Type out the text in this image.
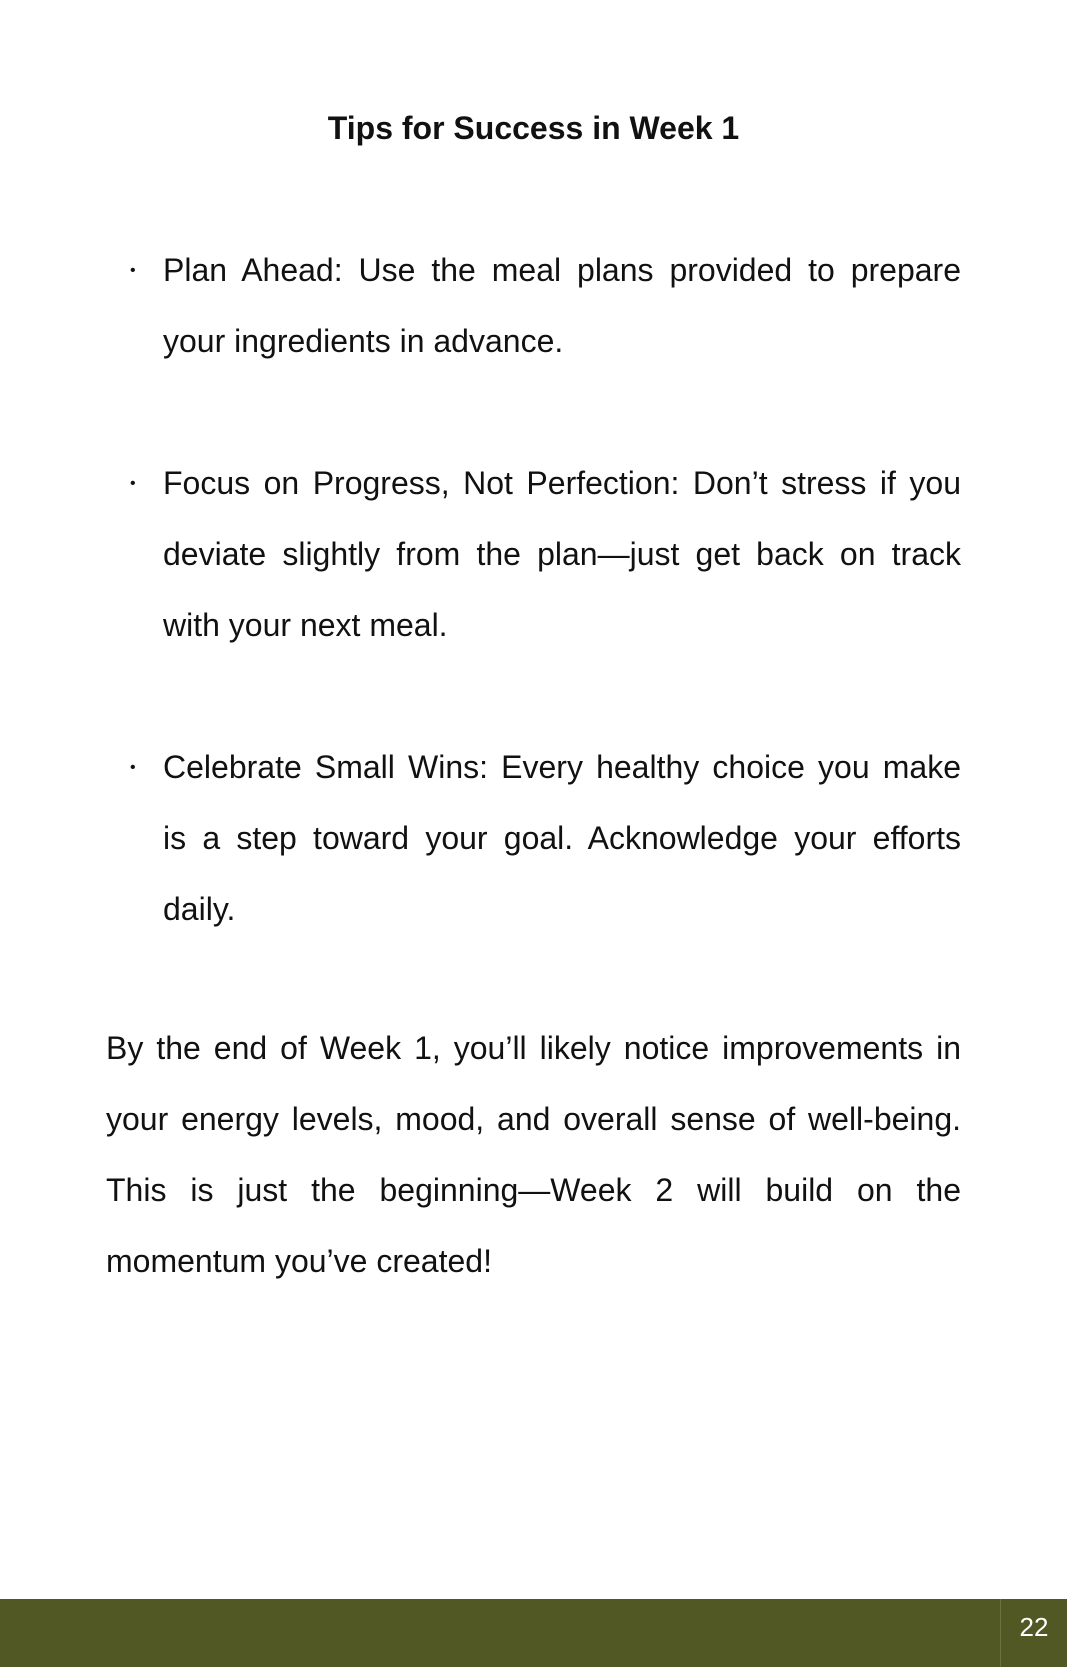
Tips for Success in Week 1
• Plan Ahead: Use the meal plans provided to prepare your ingredients in advance.
• Focus on Progress, Not Perfection: Don’t stress if you deviate slightly from the plan—just get back on track with your next meal.
• Celebrate Small Wins: Every healthy choice you make is a step toward your goal. Acknowledge your efforts daily.

By the end of Week 1, you’ll likely notice improvements in your energy levels, mood, and overall sense of well-being. This is just the beginning—Week 2 will build on the momentum you’ve created!

22
